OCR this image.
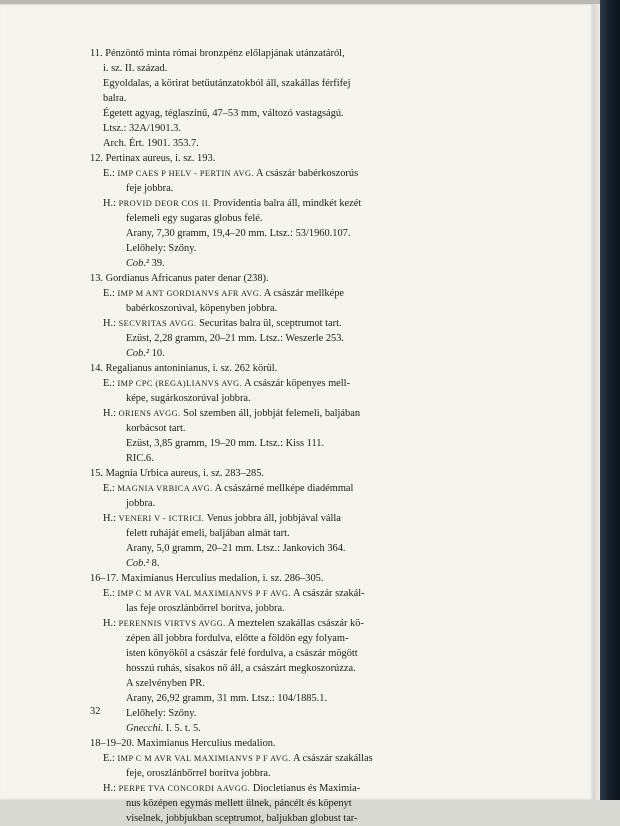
11. Pénzöntő minta római bronzpénz előlapjának utánzatáról,
i. sz. II. század.
Egyoldalas, a körirat betűutánzatokból áll, szakállas férfifej
balra.
Égetett agyag, téglaszínű, 47–53 mm, változó vastagságú.
Ltsz.: 32A/1901.3.
Arch. Ért. 1901. 353.7.
12. Pertinax aureus, i. sz. 193.
E.: IMP CAES P HELV - PERTIN AVG. A császár babérkoszorús
feje jobbra.
H.: PROVID DEOR COS II. Providentia balra áll, mindkét kezét
felemeli egy sugaras globus felé.
Arany, 7,30 gramm, 19,4–20 mm. Ltsz.: 53/1960.107.
Lelőhely: Szőny.
Cob.² 39.
13. Gordianus Africanus pater denar (238).
E.: IMP M ANT GORDIANVS AFR AVG. A császár mellképe
babérkoszorúval, köpenyben jobbra.
H.: SECVRITAS AVGG. Securitas balra ül, sceptrumot tart.
Ezüst, 2,28 gramm, 20–21 mm. Ltsz.: Weszerle 253.
Cob.² 10.
14. Regalianus antoninianus, i. sz. 262 körül.
E.: IMP CPC (REGA)LIANVS AVG. A császár köpenyes mell-
képe, sugárkoszorúval jobbra.
H.: ORIENS AVGG. Sol szemben áll, jobbját felemeli, baljában
korbácsot tart.
Ezüst, 3,85 gramm, 19–20 mm. Ltsz.: Kiss 111.
RIC.6.
15. Magnia Urbica aureus, i. sz. 283–285.
E.: MAGNIA VRBICA AVG. A császárné mellképe diadémmal
jobbra.
H.: VENERI V - ICTRICI. Venus jobbra áll, jobbjával válla
felett ruháját emeli, baljában almát tart.
Arany, 5,0 gramm, 20–21 mm. Ltsz.: Jankovich 364.
Cob.² 8.
16–17. Maximianus Herculius medalion, i. sz. 286–305.
E.: IMP C M AVR VAL MAXIMIANVS P F AVG. A császár szakál-
las feje oroszlánbőrrel borítva, jobbra.
H.: PERENNIS VIRTVS AVGG. A meztelen szakállas császár kö-
zépen áll jobbra fordulva, előtte a földön egy folyam-
isten könyököl a császár felé fordulva, a császár mögött
hosszú ruhás, sisakos nő áll, a császárt megkoszorúzza.
A szelvényben PR.
Arany, 26,92 gramm, 31 mm. Ltsz.: 104/1885.1.
Lelőhely: Szőny.
Gnecchi. I. 5. t. 5.
18–19–20. Maximianus Herculius medalion.
E.: IMP C M AVR VAL MAXIMIANVS P F AVG. A császár szakállas
feje, oroszlánbőrrel borítva jobbra.
H.: PERPE TVA CONCORDI AAVGG. Diocletianus és Maximia-
nus középen egymás mellett ülnek, páncélt és köpenyt
viselnek, jobbjukban sceptrumot, baljukban globust tar-
32
